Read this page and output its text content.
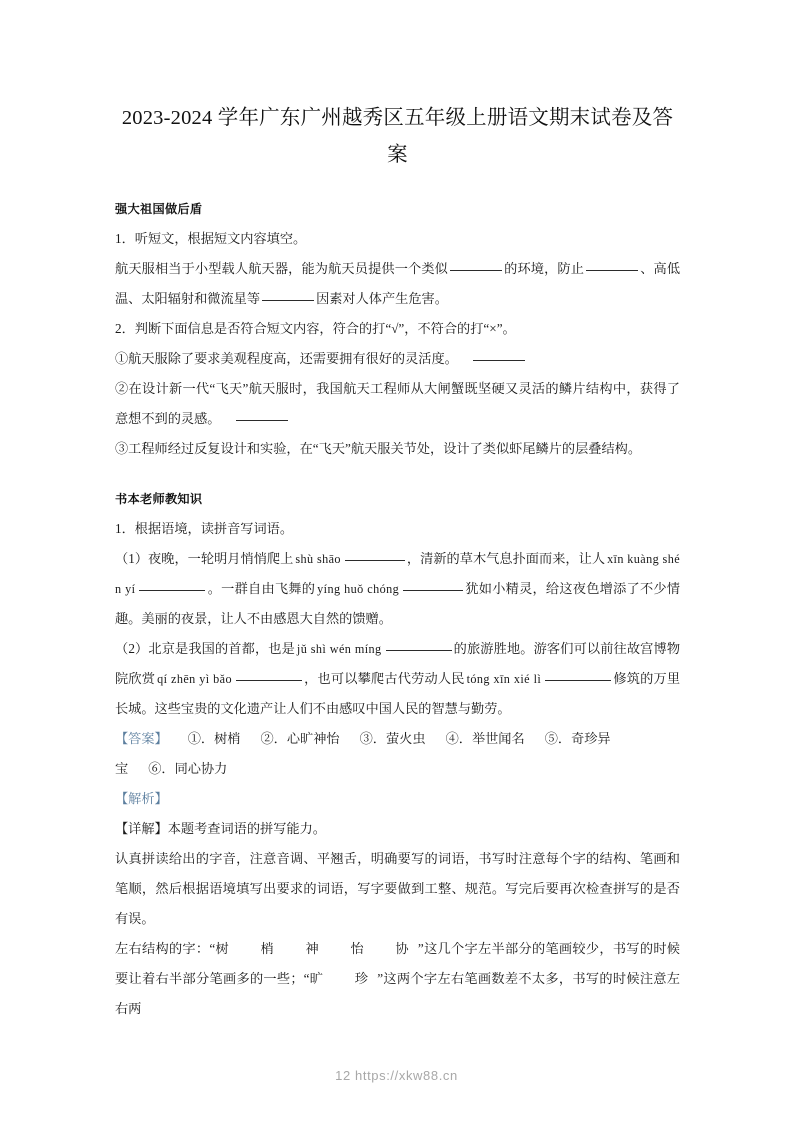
2023-2024 学年广东广州越秀区五年级上册语文期末试卷及答案
强大祖国做后盾

1．听短文，根据短文内容填空。

航天服相当于小型载人航天器，能为航天员提供一个类似	的环境，防止	、高低温、太阳辐射和微流星等	因素对人体产生危害。

2．判断下面信息是否符合短文内容，符合的打“√”，不符合的打“×”。

①航天服除了要求美观程度高，还需要拥有很好的灵活度。

②在设计新一代“飞天”航天服时，我国航天工程师从大闸蟹既坚硬又灵活的鳞片结构中，获得了意想不到的灵感。

③工程师经过反复设计和实验，在“飞天”航天服关节处，设计了类似虾尾鳞片的层叠结构。

书本老师教知识

1．根据语境，读拼音写词语。

（1）夜晚，一轮明月悄悄爬上 shù shāo	，清新的草木气息扑面而来，让人 xīn kuàng shén yí	。一群自由飞舞的 yíng huǒ chóng	犹如小精灵，给这夜色增添了不少情趣。美丽的夜景，让人不由感恩大自然的馈赠。

（2）北京是我国的首都，也是 jǔ shì wén míng	的旅游胜地。游客们可以前往故宫博物院欣赏 qí zhēn yì bǎo	，也可以攀爬古代劳动人民 tóng xīn xié lì	修筑的万里长城。这些宝贵的文化遗产让人们不由感叹中国人民的智慧与勤劳。

【答案】 ①．树梢 ②．心旷神怡 ③．萤火虫 ④．举世闻名 ⑤．奇珍异

宝 ⑥．同心协力

【解析】

【详解】本题考查词语的拼写能力。

认真拼读给出的字音，注意音调、平翘舌，明确要写的词语，书写时注意每个字的结构、笔画和笔顺，然后根据语境填写出要求的词语，写字要做到工整、规范。写完后要再次检查拼写的是否有误。

左右结构的字：“树　梢　神　怡　协”这几个字左半部分的笔画较少，书写的时候要让着右半部分笔画多的一些；“旷　珍”这两个字左右笔画数差不太多，书写的时候注意左右两

12 https://xkw88.cn
